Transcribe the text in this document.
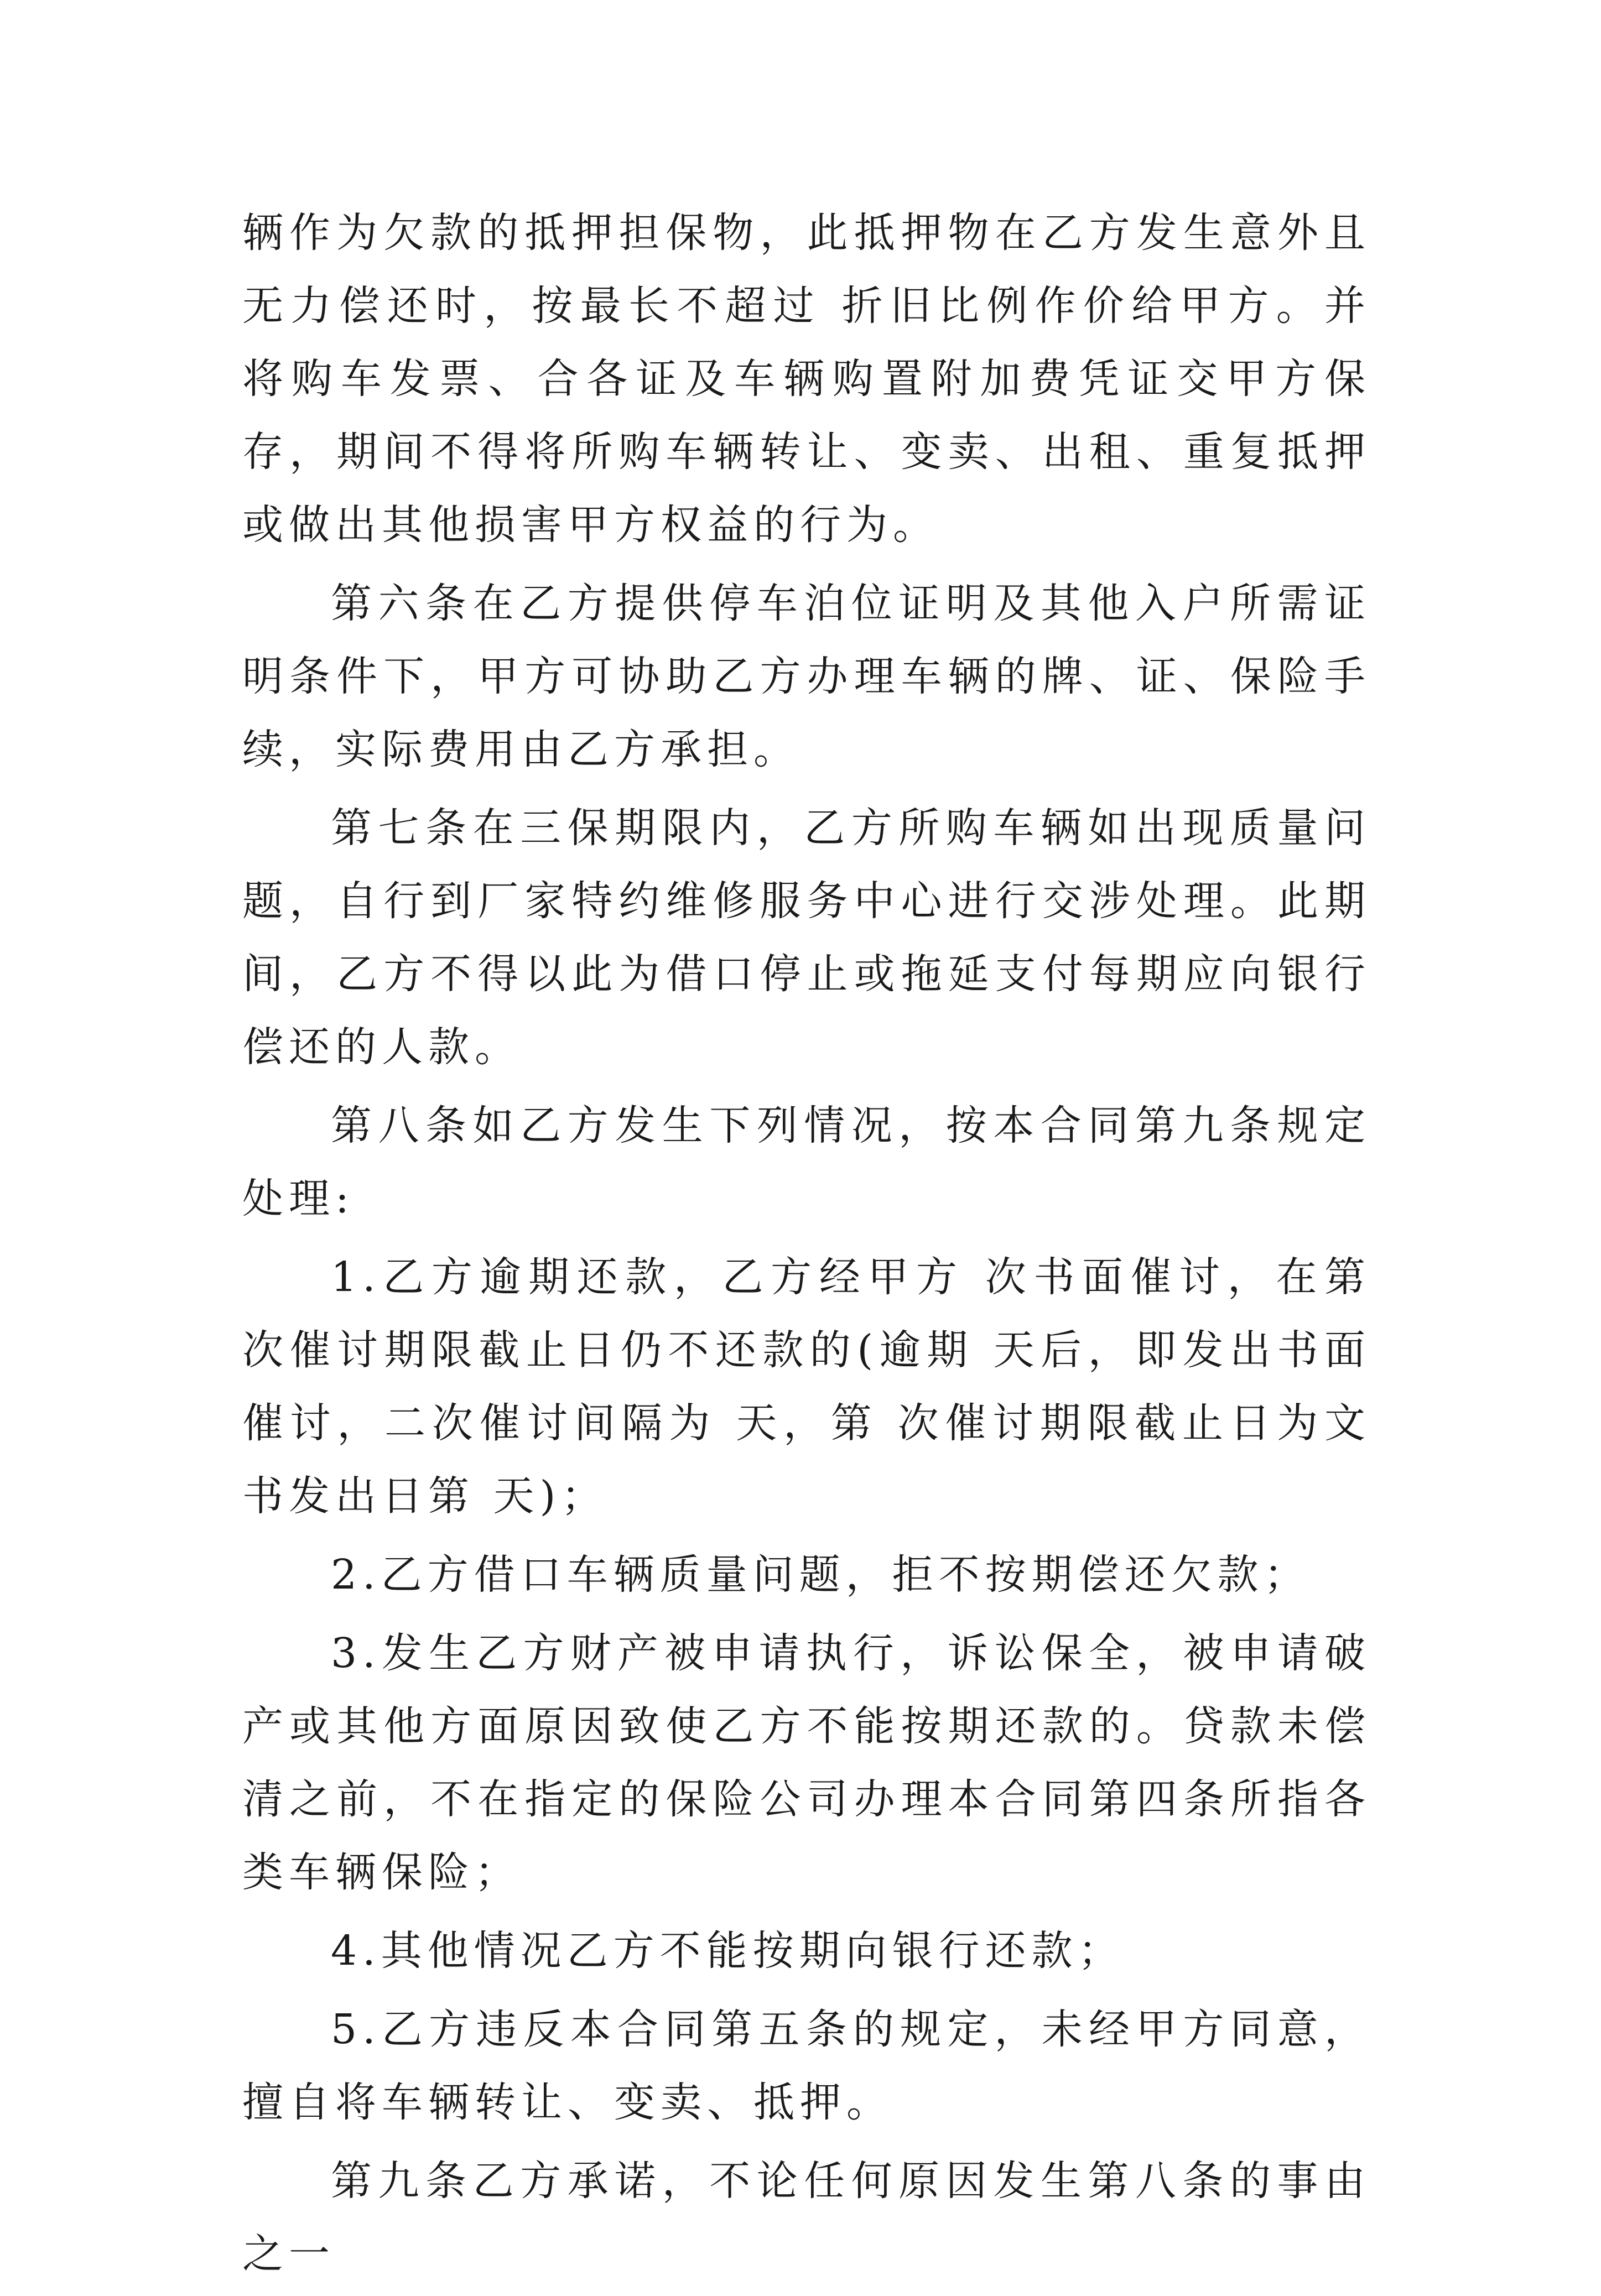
辆作为欠款的抵押担保物，此抵押物在乙方发生意外且无力偿还时，按最长不超过 折旧比例作价给甲方。并将购车发票、合各证及车辆购置附加费凭证交甲方保存，期间不得将所购车辆转让、变卖、出租、重复抵押或做出其他损害甲方权益的行为。

第六条在乙方提供停车泊位证明及其他入户所需证明条件下，甲方可协助乙方办理车辆的牌、证、保险手续，实际费用由乙方承担。

第七条在三保期限内，乙方所购车辆如出现质量问题，自行到厂家特约维修服务中心进行交涉处理。此期间，乙方不得以此为借口停止或拖延支付每期应向银行偿还的人款。

第八条如乙方发生下列情况，按本合同第九条规定处理:

1.乙方逾期还款，乙方经甲方 次书面催讨，在第 次催讨期限截止日仍不还款的(逾期 天后，即发出书面催讨，二次催讨间隔为 天，第 次催讨期限截止日为文书发出日第 天)；

2.乙方借口车辆质量问题，拒不按期偿还欠款；

3.发生乙方财产被申请执行，诉讼保全，被申请破产或其他方面原因致使乙方不能按期还款的。贷款未偿清之前，不在指定的保险公司办理本合同第四条所指各类车辆保险；

4.其他情况乙方不能按期向银行还款；

5.乙方违反本合同第五条的规定，未经甲方同意，擅自将车辆转让、变卖、抵押。

第九条乙方承诺，不论任何原因发生第八条的事由之一
